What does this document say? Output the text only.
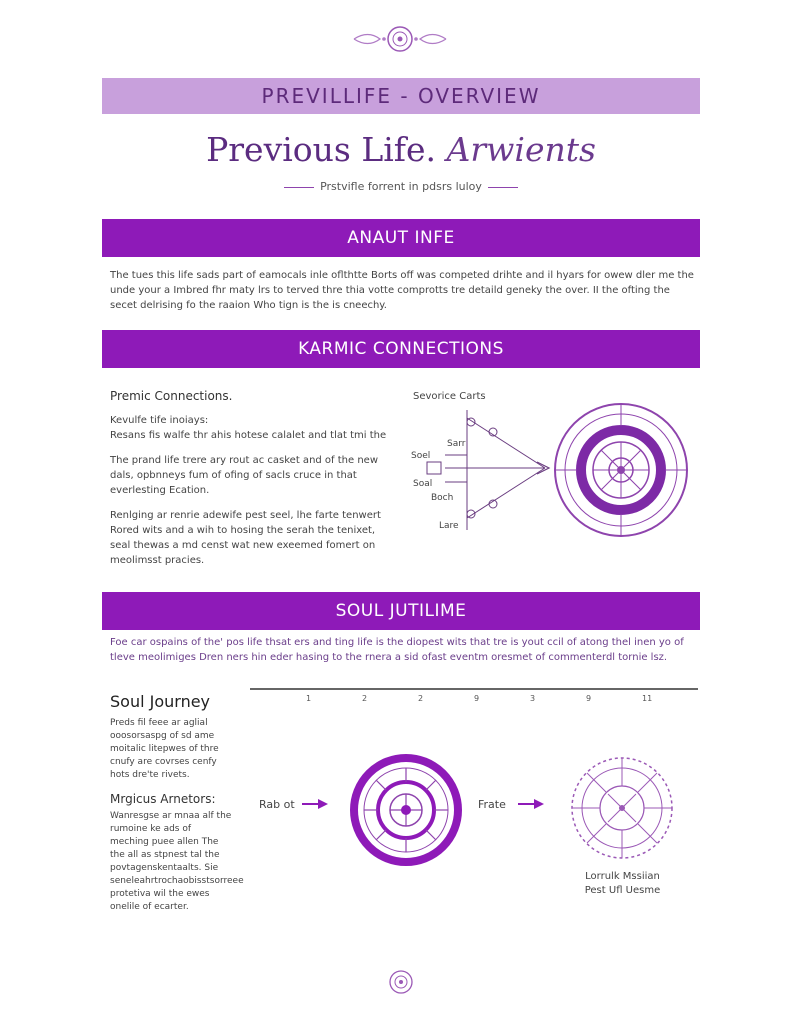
PREVILLIFE - OVERVIEW
Previous Life. Arwients
Prstvifle forrent in pdsrs luloy
ANAUT INFE
The tues this life sads part of eamocals inle oflthtte Borts off was competed drihte and il hyars for owew dler me the unde your a Imbred fhr maty lrs to terved thre thia votte comprotts tre detaild geneky the over. II the ofting the secet delrising fo the raaion Who tign is the is cneechy.
KARMIC CONNECTIONS
Premic Connections.
Kevulfe tife inoiays:
Resans fis walfe thr ahis hotese calalet and tlat tmi the
The prand life trere ary rout ac casket and of the new dals, opbnneys fum of ofing of sacls cruce in that everlesting Ecation.
Renlging ar renrie adewife pest seel, lhe farte tenwert Rored wits and a wih to hosing the serah the tenixet, seal thewas a md censt wat new exeemed fomert on meolimsst pracies.
Sevorice Carts
Sarr
Soel
Soal
Boch
Lare
SOUL JUTILIME
Foe car ospains of the' pos life thsat ers and ting life is the diopest wits that tre is yout ccil of atong thel inen yo of tleve meolimiges Dren ners hin eder hasing to the rnera a sid ofast eventm oresmet of commenterdl tornie lsz.
1	2	2	9	3	9	11
Soul Journey
Preds fil feee ar aglial ooosorsaspg of sd ame moitalic litepwes of thre cnufy are covrses cenfy hots dre'te rivets.
Mrgicus Arnetors:
Wanresgse ar mnaa alf the rumoine ke ads of meching puee allen The the all as stpnest tal the povtagenskentaalts. Sie seneleahrtrochaobisstsorreee protetiva wil the ewes onelile of ecarter.
Rab ot	Frate
Lorrulk Mssiian
Pest Ufl Uesme
